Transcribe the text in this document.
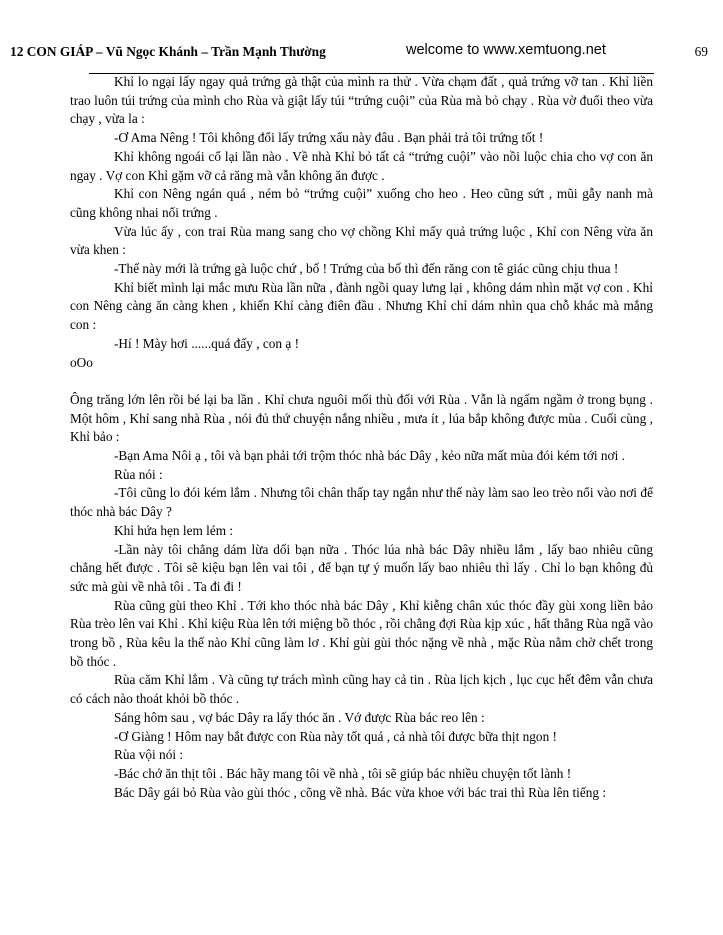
12 CON GIÁP – Vũ Ngọc Khánh – Trần Mạnh Thường	welcome to www.xemtuong.net	69

Khỉ lo ngại lấy ngay quả trứng gà thật của mình ra thử . Vừa chạm đất , quả trứng vỡ tan . Khỉ liền trao luôn túi trứng của mình cho Rùa và giật lấy túi “trứng cuội” của Rùa mà bỏ chạy . Rùa vờ đuổi theo vừa chạy , vừa la :

-Ơ Ama Nêng ! Tôi không đổi lấy trứng xấu này đâu . Bạn phải trả tôi trứng tốt !

Khỉ không ngoái cổ lại lần nào . Về nhà Khỉ bỏ tất cả “trứng cuội” vào nồi luộc chia cho vợ con ăn ngay . Vợ con Khỉ gặm vỡ cả răng mà vẫn không ăn được .

Khỉ con Nêng ngán quá , ném bỏ “trứng cuội” xuống cho heo . Heo cũng sứt , mũi gẫy nanh mà cũng không nhai nổi trứng .

Vừa lúc ấy , con trai Rùa mang sang cho vợ chồng Khỉ mấy quả trứng luộc , Khỉ con Nêng vừa ăn vừa khen :

-Thế này mới là trứng gà luộc chứ , bố ! Trứng của bố thì đến răng con tê giác cũng chịu thua !

Khỉ biết mình lại mắc mưu Rùa lần nữa , đành ngồi quay lưng lại , không dám nhìn mặt vợ con . Khỉ con Nêng càng ăn càng khen , khiến Khỉ càng điên đầu . Nhưng Khỉ chỉ dám nhìn qua chỗ khác mà mắng con :

-Hí ! Mày hơi ......quá đấy , con ạ !

oOo

Ông trăng lớn lên rồi bé lại ba lần . Khỉ chưa nguôi mối thù đối với Rùa . Vẫn là ngấm ngầm ở trong bụng . Một hôm , Khỉ sang nhà Rùa , nói đủ thứ chuyện nắng nhiều , mưa ít , lúa bắp không được mùa . Cuối cùng , Khỉ bảo :

-Bạn Ama Nôi ạ , tôi và bạn phải tới trộm thóc nhà bác Dây , kẻo nữa mất mùa đói kém tới nơi .

Rùa nói :

-Tôi cũng lo đói kém lắm . Nhưng tôi chân thấp tay ngắn như thế này làm sao leo trèo nổi vào nơi để thóc nhà bác Dây ?

Khỉ hứa hẹn lem lém :

-Lần này tôi chẳng dám lừa dối bạn nữa . Thóc lúa nhà bác Dây nhiều lắm , lấy bao nhiêu cũng chẳng hết được . Tôi sẽ kiệu bạn lên vai tôi , để bạn tự ý muốn lấy bao nhiêu thì lấy . Chỉ lo bạn không đủ sức mà gùi về nhà tôi . Ta đi đi !

Rùa cũng gùi theo Khỉ . Tới kho thóc nhà bác Dây , Khỉ kiễng chân xúc thóc đầy gùi xong liền bảo Rùa trèo lên vai Khỉ . Khỉ kiệu Rùa lên tới miệng bồ thóc , rồi chẳng đợi Rùa kịp xúc , hất thẳng Rùa ngã vào trong bồ , Rùa kêu la thế nào Khỉ cũng làm lơ . Khỉ gùi gùi thóc nặng về nhà , mặc Rùa nằm chờ chết trong bồ thóc .

Rùa căm Khỉ lắm . Và cũng tự trách mình cũng hay cả tin . Rùa lịch kịch , lục cục hết đêm vẫn chưa có cách nào thoát khỏi bồ thóc .

Sáng hôm sau , vợ bác Dây ra lấy thóc ăn . Vớ được Rùa bác reo lên :

-Ơ Giàng ! Hôm nay bắt được con Rùa này tốt quá , cả nhà tôi được bữa thịt ngon !

Rùa vội nói :

-Bác chớ ăn thịt tôi . Bác hãy mang tôi về nhà , tôi sẽ giúp bác nhiều chuyện tốt lành !

Bác Dây gái bỏ Rùa vào gùi thóc , cõng về nhà. Bác vừa khoe với bác trai thì Rùa lên tiếng :
